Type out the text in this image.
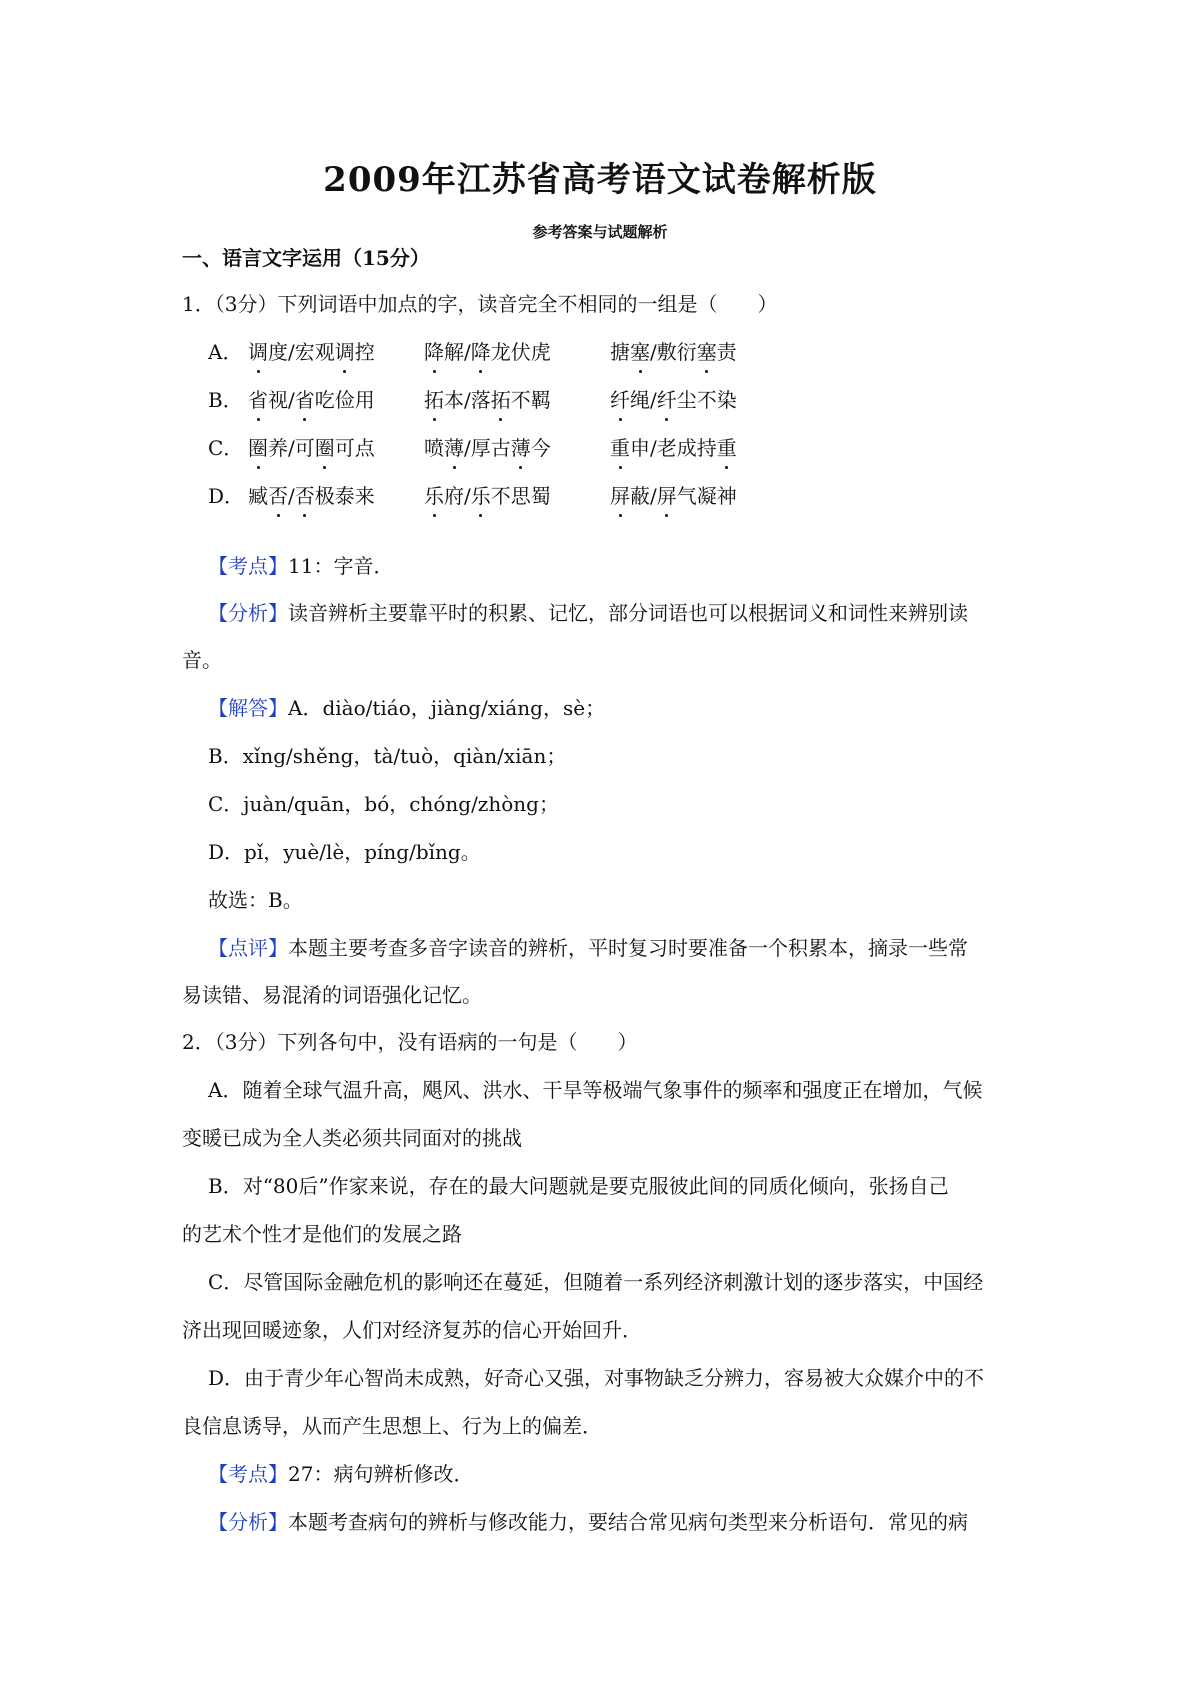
2009年江苏省高考语文试卷解析版
参考答案与试题解析
一、语言文字运用（15分）
1．（3分）下列词语中加点的字，读音完全不相同的一组是（　　）
A． 调度/宏观调控 降解/降龙伏虎	搪塞/敷衍塞责
B． 省视/省吃俭用 拓本/落拓不羁	纤绳/纤尘不染
C． 圈养/可圈可点 喷薄/厚古薄今	重申/老成持重
D． 臧否/否极泰来 乐府/乐不思蜀	屏蔽/屏气凝神
【考点】11：字音．
【分析】读音辨析主要靠平时的积累、记忆，部分词语也可以根据词义和词性来辨别读
音。
【解答】A．diào/tiáo，jiàng/xiáng，sè；
B．xǐng/shěng，tà/tuò，qiàn/xiān；
C．juàn/quān，bó，chóng/zhòng；
D．pǐ，yuè/lè，píng/bǐng。
故选：B。
【点评】本题主要考查多音字读音的辨析，平时复习时要准备一个积累本，摘录一些常
易读错、易混淆的词语强化记忆。
2．（3分）下列各句中，没有语病的一句是（　　）
A．随着全球气温升高，飓风、洪水、干旱等极端气象事件的频率和强度正在增加，气候
变暖已成为全人类必须共同面对的挑战
B．对“80后”作家来说，存在的最大问题就是要克服彼此间的同质化倾向，张扬自己
的艺术个性才是他们的发展之路
C．尽管国际金融危机的影响还在蔓延，但随着一系列经济刺激计划的逐步落实，中国经
济出现回暖迹象，人们对经济复苏的信心开始回升．
D．由于青少年心智尚未成熟，好奇心又强，对事物缺乏分辨力，容易被大众媒介中的不
良信息诱导，从而产生思想上、行为上的偏差．
【考点】27：病句辨析修改．
【分析】本题考查病句的辨析与修改能力，要结合常见病句类型来分析语句．常见的病
